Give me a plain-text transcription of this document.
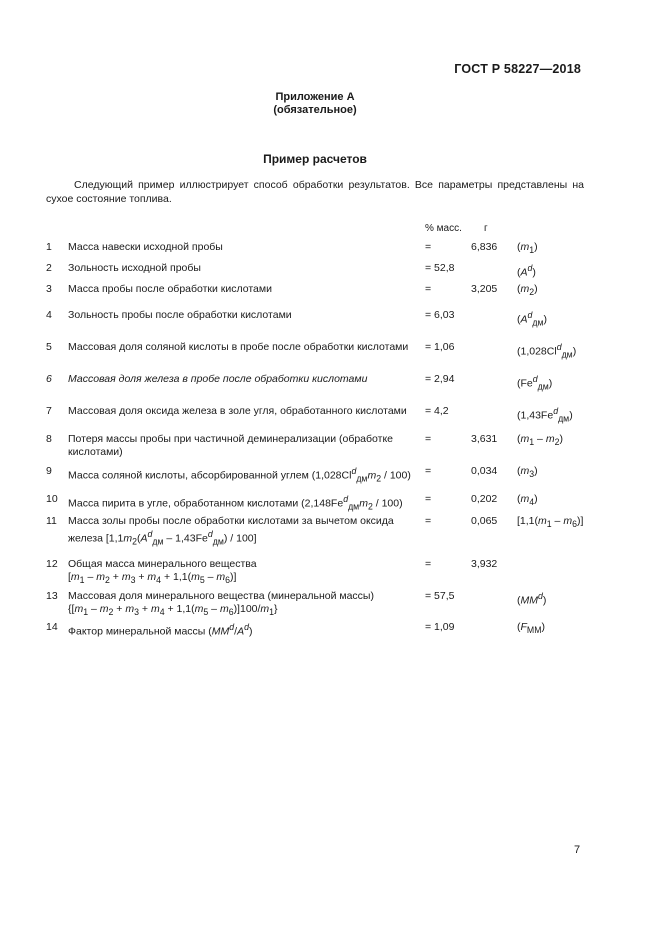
ГОСТ Р 58227—2018
Приложение А
(обязательное)
Пример расчетов
Следующий пример иллюстрирует способ обработки результатов. Все параметры представлены на сухое состояние топлива.
% масс. г
1 Масса навески исходной пробы	=	6,836 $(m_1)$
2 Зольность исходной пробы	= 52,8	$(A^d)$
3 Масса пробы после обработки кислотами	=	3,205 $(m_2)$
4 Зольность пробы после обработки кислотами	= 6,03	$(A^d_{дм})$
5 Массовая доля соляной кислоты в пробе после обработки кислотами	= 1,06	$(1,028Cl^d_{дм})$
6 Массовая доля железа в пробе после обработки кислотами	= 2,94	$(Fe^d_{дм})$
7 Массовая доля оксида железа в золе угля, обработанного кислотами	= 4,2	$(1,43Fe^d_{дм})$
8 Потеря массы пробы при частичной деминерализации (обработке кислотами)
=	3,631 $(m_1 - m_2)$
9 Масса соляной кислоты, абсорбированной углем $(1,028Cl^d_{дм}m_2 / 100)$	=	0,034 $(m_3)$
10 Масса пирита в угле, обработанном кислотами $(2,148Fe^d_{дм}m_2 / 100)$	=	0,202 $(m_4)$
11 Масса золы пробы после обработки кислотами за вычетом оксида железа $[1,1m_2(A^d_{дм} - 1,43Fe^d_{дм}) / 100]$
=	0,065 $[1,1(m_1 - m_6)]$
12 Общая масса минерального вещества
$[m_1 - m_2 + m_3 + m_4 + 1,1(m_5 - m_6)]$
=	3,932
13 Массовая доля минерального вещества (минеральной массы)
$\{[m_1 - m_2 + m_3 + m_4 + 1,1(m_5 - m_6)]100/m_1\}$
= 57,5	$(MM^d)$
14 Фактор минеральной массы $(MM^d/A^d)$	= 1,09	$(F_{ММ})$
7
